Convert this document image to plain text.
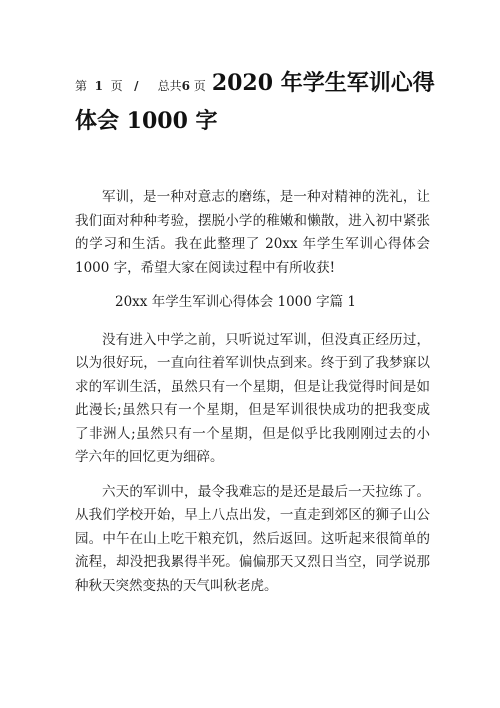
第 1 页 / 总共6 页 2020 年学生军训心得
体会 1000 字

军训，是一种对意志的磨练，是一种对精神的洗礼，让我们面对种种考验，摆脱小学的稚嫩和懒散，进入初中紧张的学习和生活。我在此整理了 20xx 年学生军训心得体会 1000 字，希望大家在阅读过程中有所收获!

20xx 年学生军训心得体会 1000 字篇 1

没有进入中学之前，只听说过军训，但没真正经历过，以为很好玩，一直向往着军训快点到来。终于到了我梦寐以求的军训生活，虽然只有一个星期，但是让我觉得时间是如此漫长;虽然只有一个星期，但是军训很快成功的把我变成了非洲人;虽然只有一个星期，但是似乎比我刚刚过去的小学六年的回忆更为细碎。

六天的军训中，最令我难忘的是还是最后一天拉练了。从我们学校开始，早上八点出发，一直走到郊区的狮子山公园。中午在山上吃干粮充饥，然后返回。这听起来很简单的流程，却没把我累得半死。偏偏那天又烈日当空，同学说那种秋天突然变热的天气叫秋老虎。
